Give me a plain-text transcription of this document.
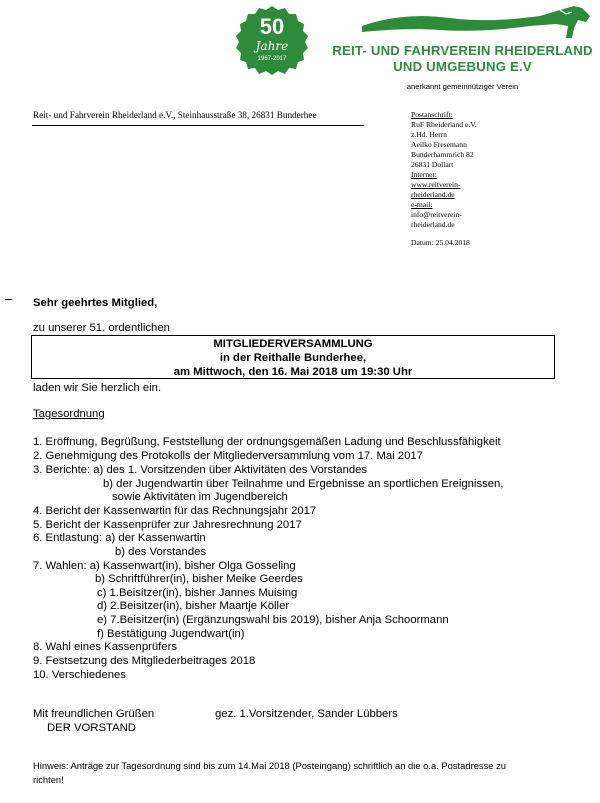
50
Jahre
1967-2017
REIT- UND FAHRVEREIN RHEIDERLAND
UND UMGEBUNG E.V
anerkannt gemeinnütziger Verein
Reit- und Fahrverein Rheiderland e.V., Steinhausstraße 38, 26831 Bunderhee	Postanschrift:
RuF Rheiderland e.V.
z.Hd. Herrn
Aeilko Fresemann
Bunderhammrich 82
26831 Dollart
Internet:
www.reitverein-
rheiderland.de
e-mail:
info@reitverein-
rheiderland.de
Datum: 25.04.2018
Sehr geehrtes Mitglied,
zu unserer 51. ordentlichen
MITGLIEDERVERSAMMLUNG
in der Reithalle Bunderhee,
am Mittwoch, den 16. Mai 2018 um 19:30 Uhr
laden wir Sie herzlich ein.
Tagesordnung
1. Eröffnung, Begrüßung, Feststellung der ordnungsgemäßen Ladung und Beschlussfähigkeit
2. Genehmigung des Protokolls der Mitgliederversammlung vom 17. Mai 2017
3. Berichte: a) des 1. Vorsitzenden über Aktivitäten des Vorstandes
b) der Jugendwartin über Teilnahme und Ergebnisse an sportlichen Ereignissen,
sowie Aktivitäten im Jugendbereich
4. Bericht der Kassenwartin für das Rechnungsjahr 2017
5. Bericht der Kassenprüfer zur Jahresrechnung 2017
6. Entlastung: a) der Kassenwartin
b) des Vorstandes
7. Wahlen: a) Kassenwart(in), bisher Olga Gosseling
b) Schriftführer(in), bisher Meike Geerdes
c) 1.Beisitzer(in), bisher Jannes Muising
d) 2.Beisitzer(in), bisher Maartje Köller
e) 7.Beisitzer(in) (Ergänzungswahl bis 2019), bisher Anja Schoormann
f) Bestätigung Jugendwart(in)
8. Wahl eines Kassenprüfers
9. Festsetzung des Mitgliederbeitrages 2018
10. Verschiedenes
Mit freundlichen Grüßen	gez. 1.Vorsitzender, Sander Lübbers
DER VORSTAND
Hinweis: Anträge zur Tagesordnung sind bis zum 14.Mai 2018 (Posteingang) schriftlich an die o.a. Postadresse zu
richten!
